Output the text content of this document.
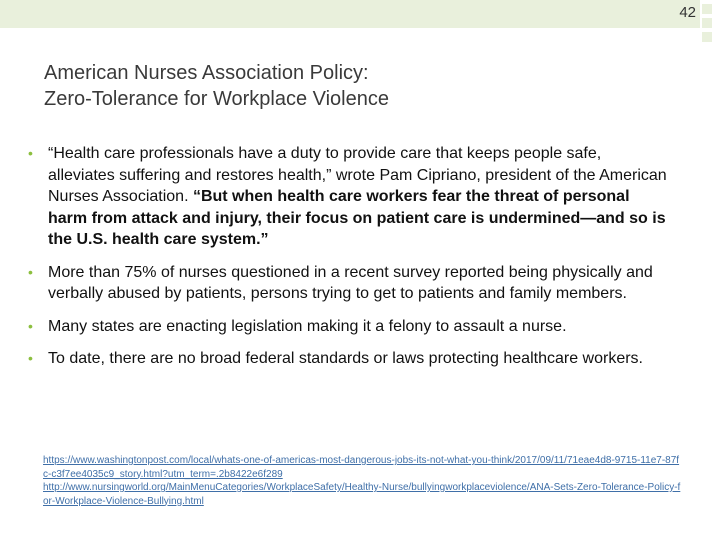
42
American Nurses Association Policy:
Zero-Tolerance for Workplace Violence
• “Health care professionals have a duty to provide care that keeps people safe, alleviates suffering and restores health,” wrote Pam Cipriano, president of the American Nurses Association. “But when health care workers fear the threat of personal harm from attack and injury, their focus on patient care is undermined—and so is the U.S. health care system.”
• More than 75% of nurses questioned in a recent survey reported being physically and verbally abused by patients, persons trying to get to patients and family members.
• Many states are enacting legislation making it a felony to assault a nurse.
• To date, there are no broad federal standards or laws protecting healthcare workers.
https://www.washingtonpost.com/local/whats-one-of-americas-most-dangerous-jobs-its-not-what-you-think/2017/09/11/71eae4d8-9715-11e7-87fc-c3f7ee4035c9_story.html?utm_term=.2b8422e6f289
http://www.nursingworld.org/MainMenuCategories/WorkplaceSafety/Healthy-Nurse/bullyingworkplaceviolence/ANA-Sets-Zero-Tolerance-Policy-for-Workplace-Violence-Bullying.html
